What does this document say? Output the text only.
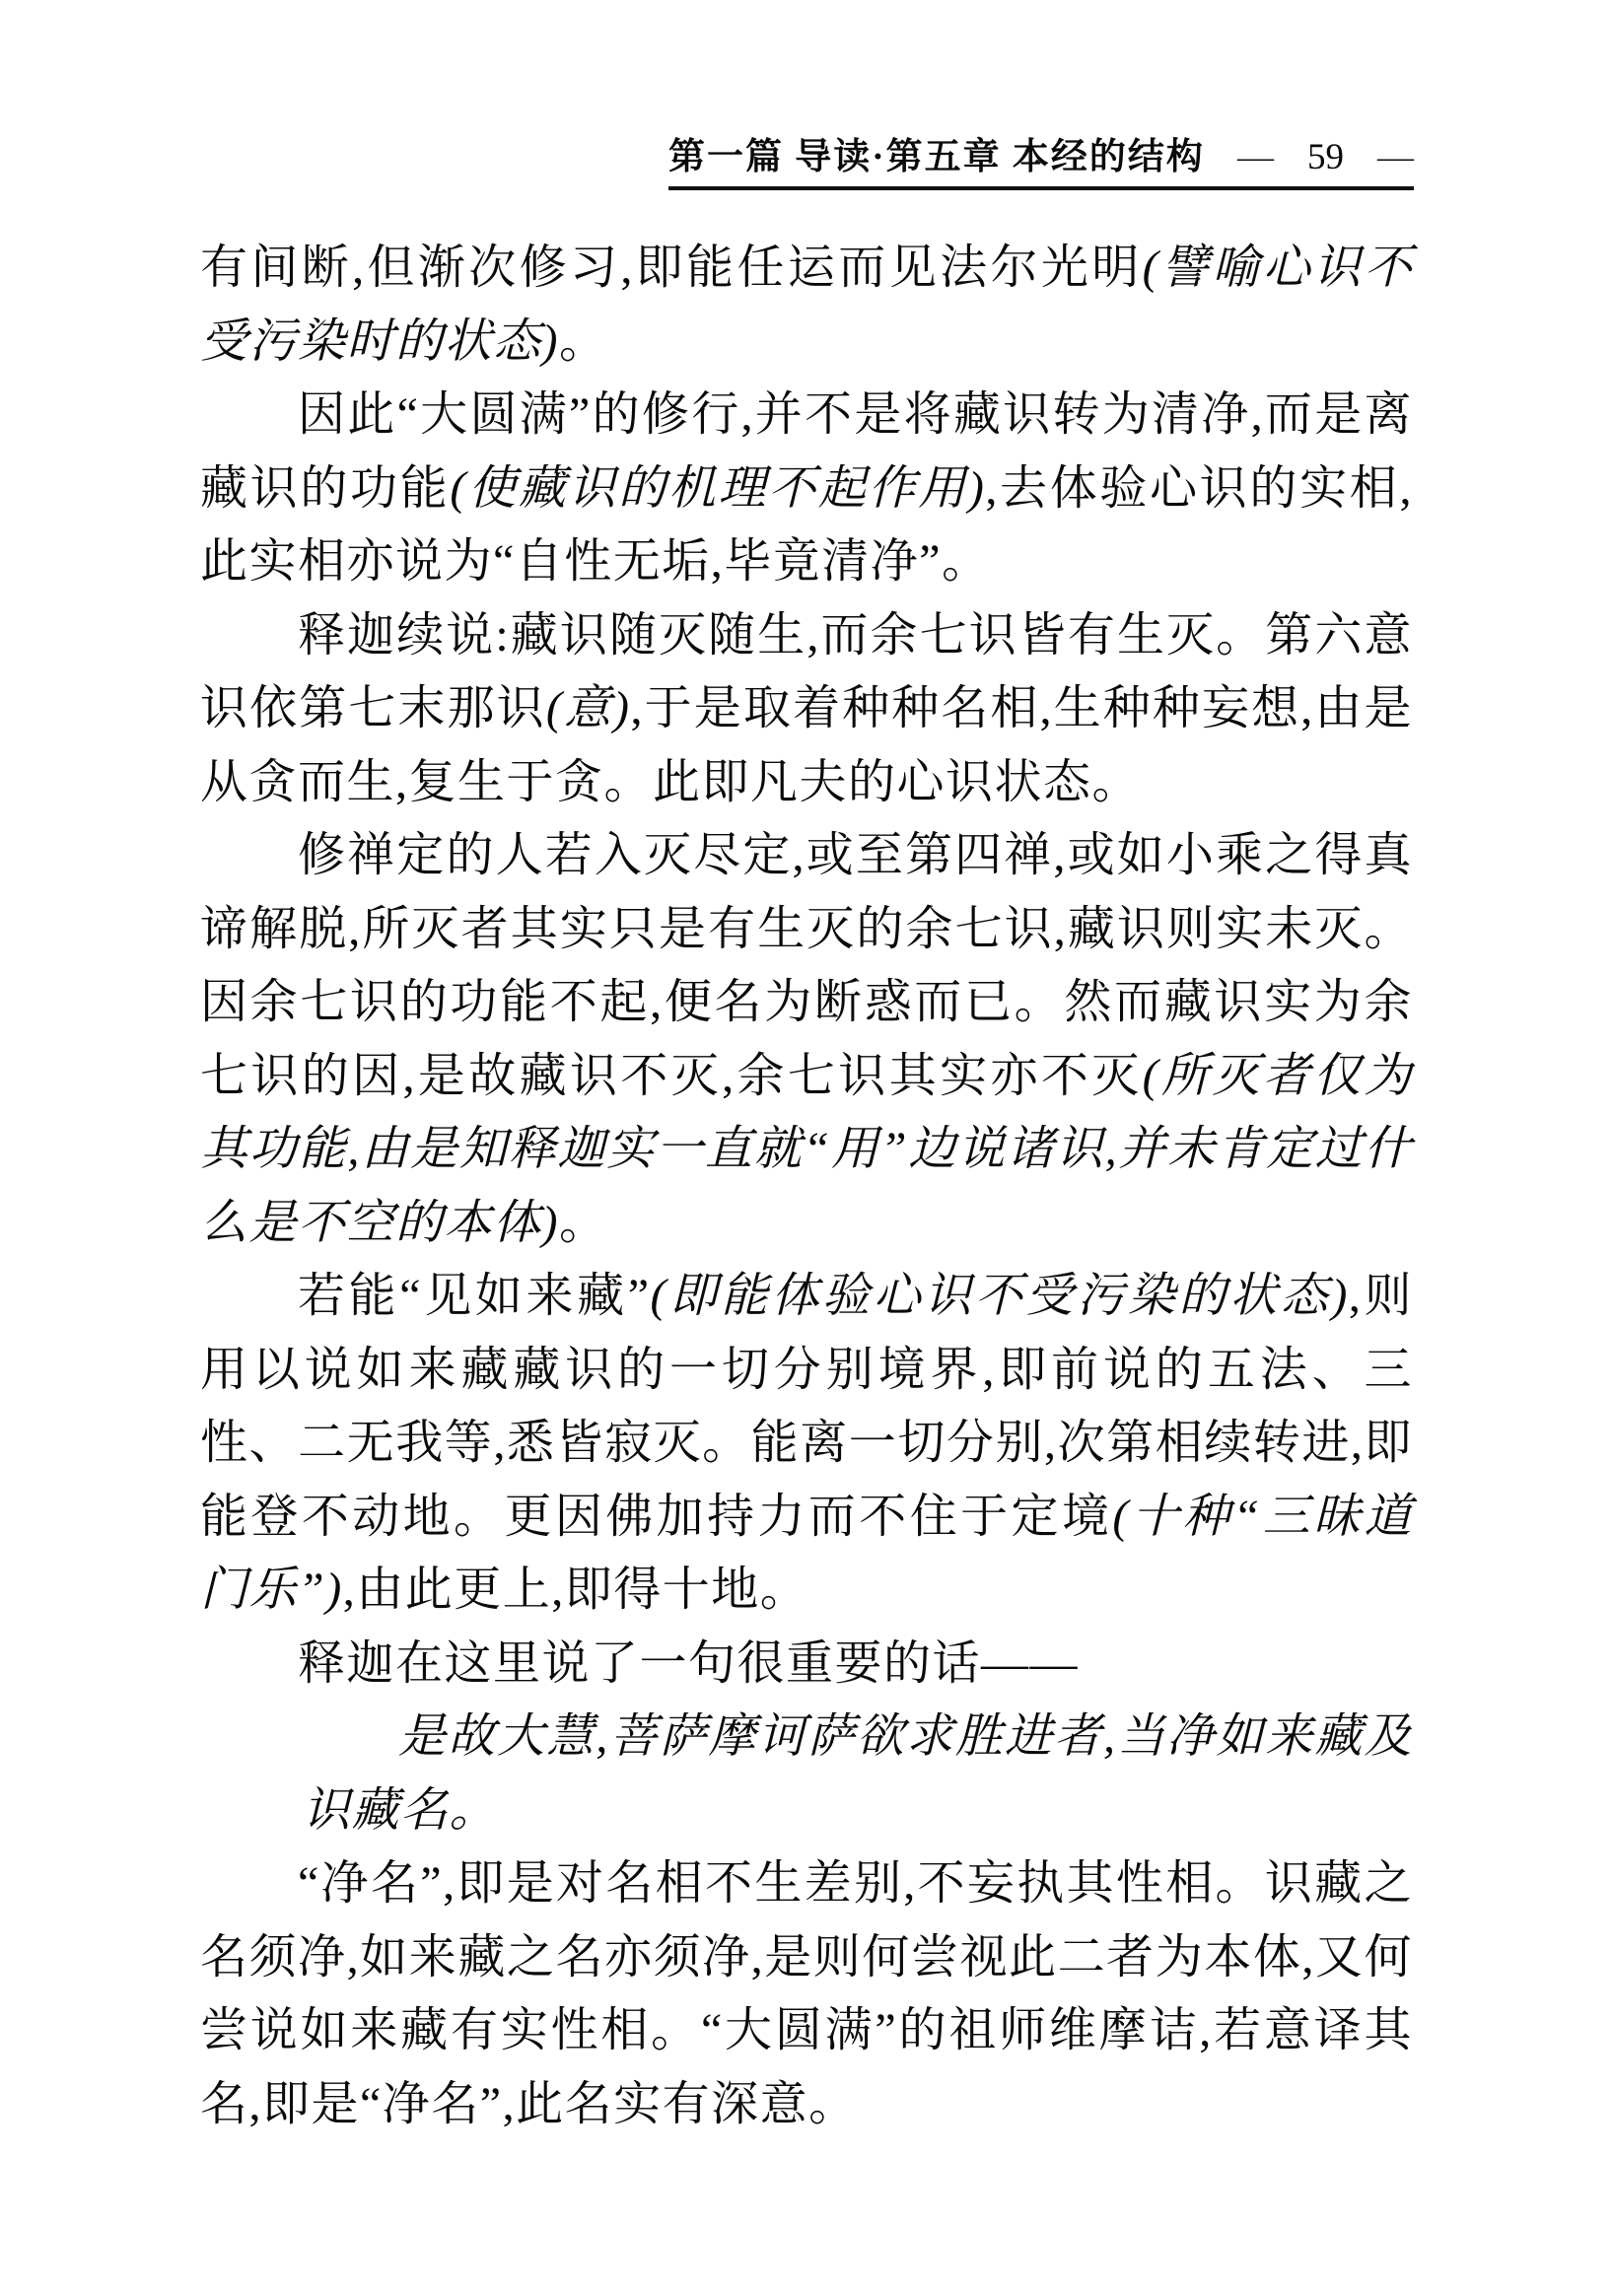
第一篇 导读·第五章 本经的结构 — 59 —

有间断,但渐次修习,即能任运而见法尔光明(譬喻心识不受污染时的状态)。

因此“大圆满”的修行,并不是将藏识转为清净,而是离藏识的功能(使藏识的机理不起作用),去体验心识的实相,此实相亦说为“自性无垢,毕竟清净”。

释迦续说:藏识随灭随生,而余七识皆有生灭。第六意识依第七末那识(意),于是取着种种名相,生种种妄想,由是从贪而生,复生于贪。此即凡夫的心识状态。

修禅定的人若入灭尽定,或至第四禅,或如小乘之得真谛解脱,所灭者其实只是有生灭的余七识,藏识则实未灭。因余七识的功能不起,便名为断惑而已。然而藏识实为余七识的因,是故藏识不灭,余七识其实亦不灭(所灭者仅为其功能,由是知释迦实一直就“用”边说诸识,并未肯定过什么是不空的本体)。

若能“见如来藏”(即能体验心识不受污染的状态),则用以说如来藏藏识的一切分别境界,即前说的五法、三性、二无我等,悉皆寂灭。能离一切分别,次第相续转进,即能登不动地。更因佛加持力而不住于定境(十种“三昧道门乐”),由此更上,即得十地。

释迦在这里说了一句很重要的话——

是故大慧,菩萨摩诃萨欲求胜进者,当净如来藏及识藏名。

“净名”,即是对名相不生差别,不妄执其性相。识藏之名须净,如来藏之名亦须净,是则何尝视此二者为本体,又何尝说如来藏有实性相。“大圆满”的祖师维摩诘,若意译其名,即是“净名”,此名实有深意。
